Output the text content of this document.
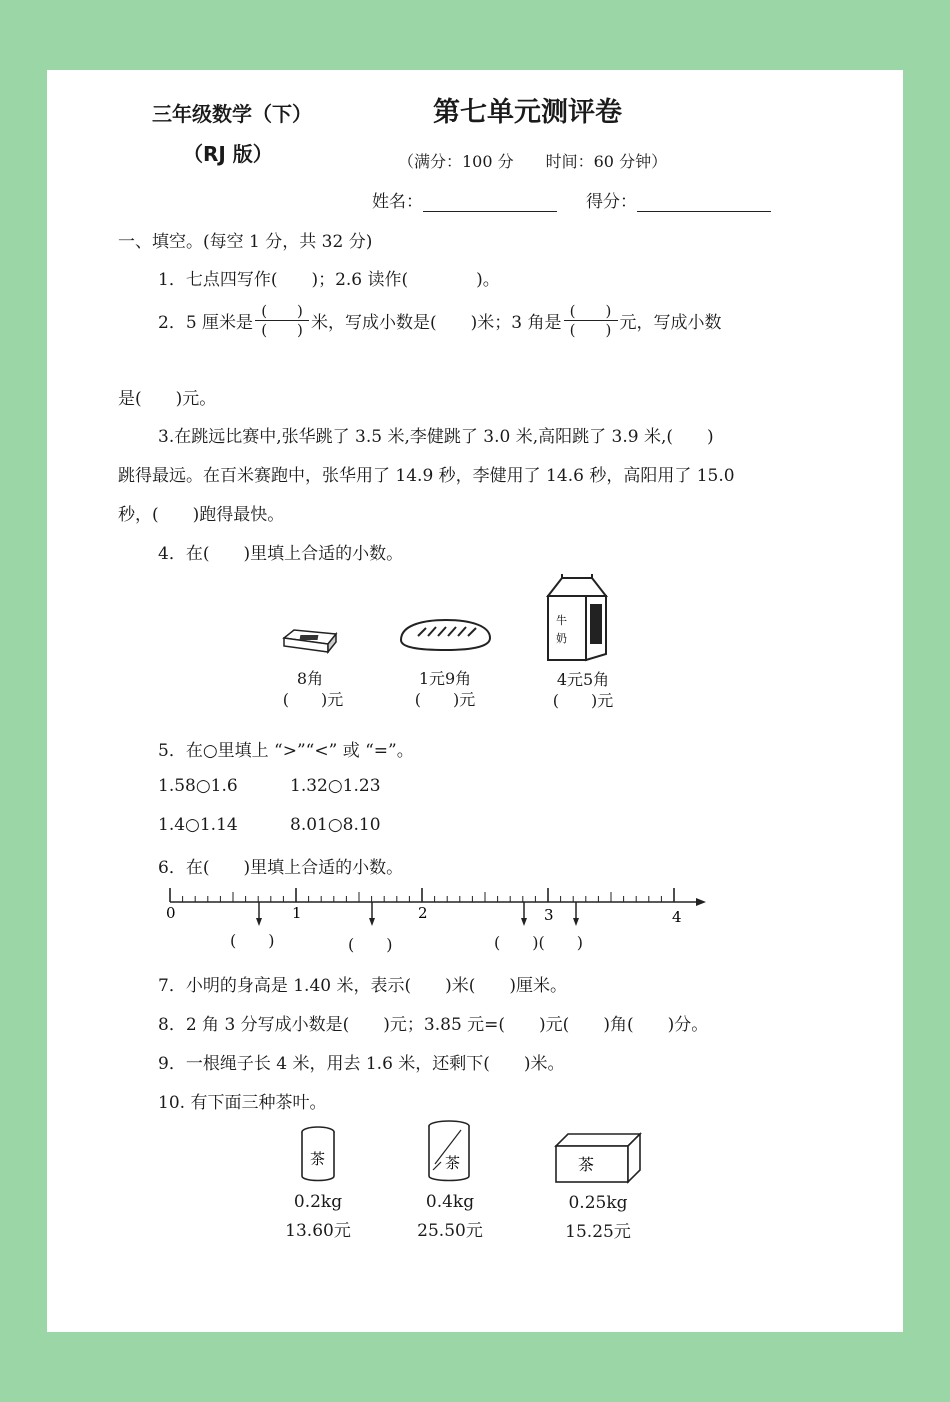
三年级数学（下）
（RJ 版）
第七单元测评卷
（满分：100 分　　时间：60 分钟）
姓名：	得分：
一、填空。(每空 1 分，共 32 分)
1．七点四写作(　　)；2.6 读作(　　　　)。
2．5 厘米是 $\frac{( )}{( )}$ 米，写成小数是(　　)米；3 角是 $\frac{( )}{( )}$ 元，写成小数
是(　　)元。
3.在跳远比赛中,张华跳了 3.5 米,李健跳了 3.0 米,高阳跳了 3.9 米,(　　)
跳得最远。在百米赛跑中，张华用了 14.9 秒，李健用了 14.6 秒，高阳用了 15.0
秒，(　　)跑得最快。
4．在(　　)里填上合适的小数。
牛
奶
8角
(　　)元
1元9角
(　　)元
4元5角
(　　)元
5．在○里填上 “>”“<” 或 “=”。
1.58○1.6	1.32○1.23
1.4○1.14	8.01○8.10
6．在(　　)里填上合适的小数。
0	1	2	3	4
(　　)	(　　)	(　　)(　　)
7．小明的身高是 1.40 米，表示(　　)米(　　)厘米。
8．2 角 3 分写成小数是(　　)元；3.85 元=(　　)元(　　)角(　　)分。
9．一根绳子长 4 米，用去 1.6 米，还剩下(　　)米。
10. 有下面三种茶叶。
茶	茶	茶
0.2kg
13.60元
0.4kg
25.50元
0.25kg
15.25元
